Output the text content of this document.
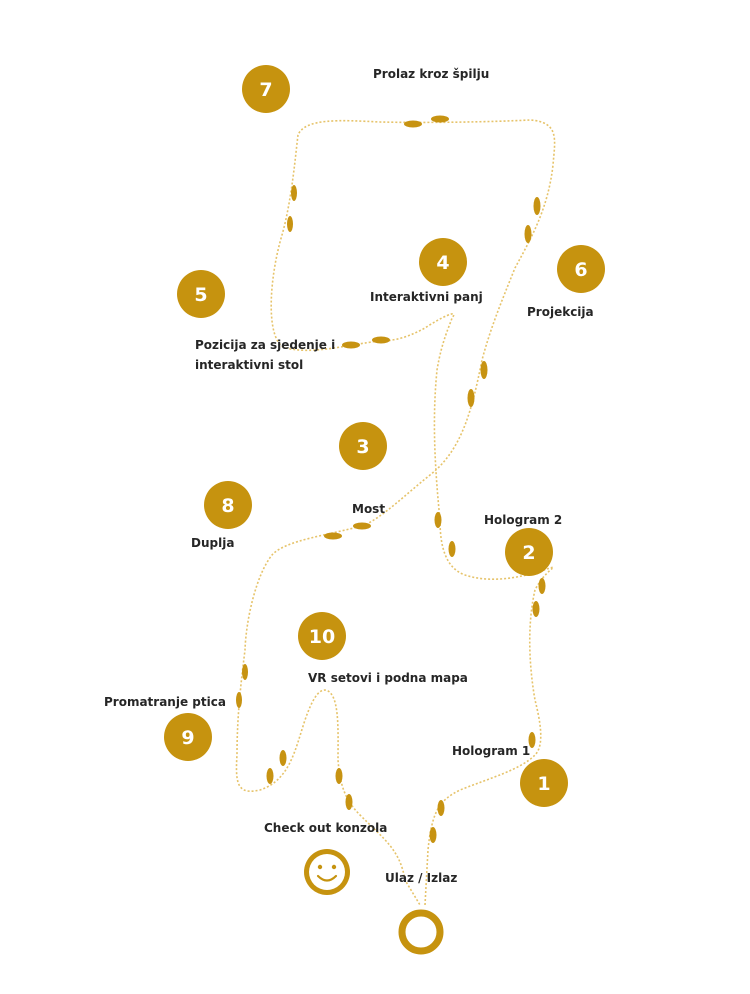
1
Hologram 1
2
Hologram 2
3
Most
4
Interaktivni panj
5
Pozicija za sjedenje i
interaktivni stol
6
Projekcija
7
Prolaz kroz špilju
8
Duplja
9
Promatranje ptica
10
VR setovi i podna mapa
Check out konzola
Ulaz / Izlaz
